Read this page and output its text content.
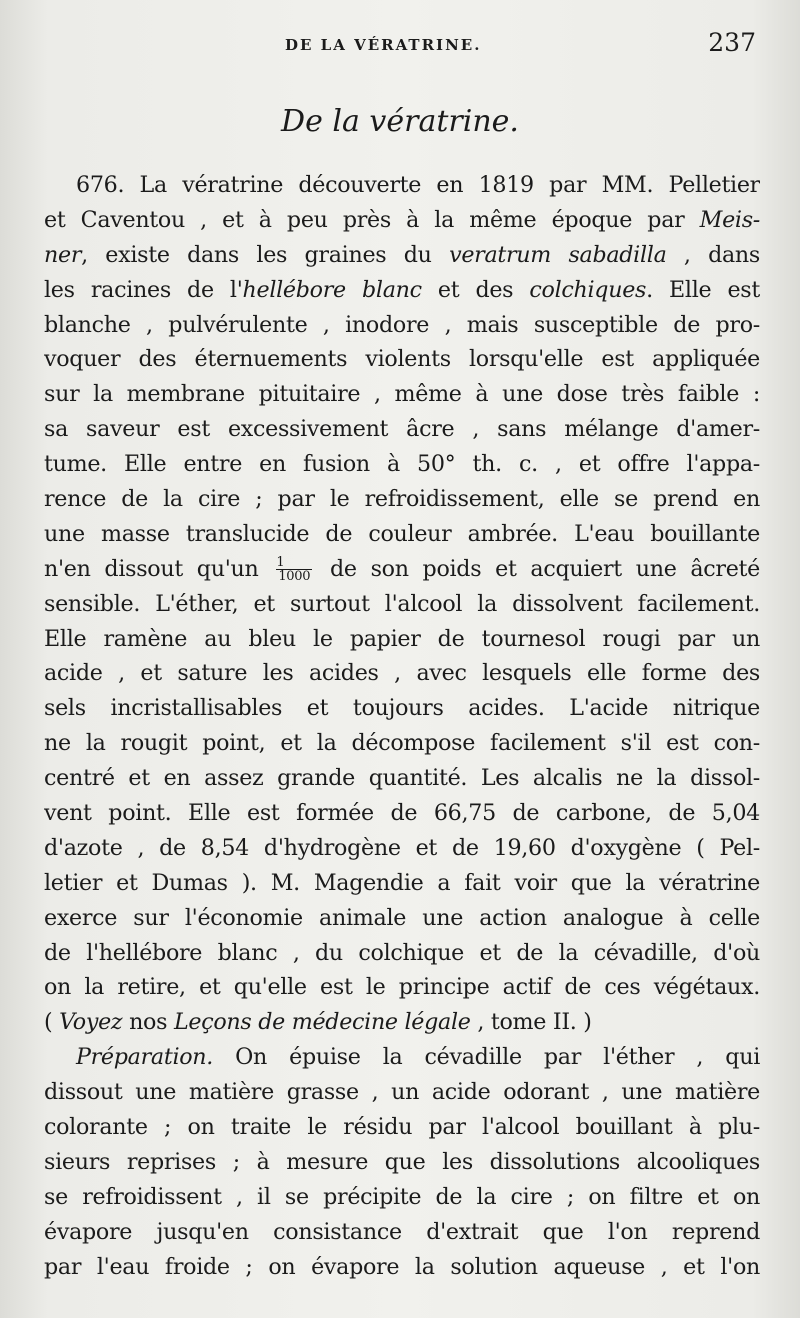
DE LA VÉRATRINE.	237
De la vératrine.
676. La vératrine découverte en 1819 par MM. Pelletier
et Caventou , et à peu près à la même époque par Meis-
ner, existe dans les graines du veratrum sabadilla , dans
les racines de l'hellébore blanc et des colchiques. Elle est
blanche , pulvérulente , inodore , mais susceptible de pro-
voquer des éternuements violents lorsqu'elle est appliquée
sur la membrane pituitaire , même à une dose très faible :
sa saveur est excessivement âcre , sans mélange d'amer-
tume. Elle entre en fusion à 50° th. c. , et offre l'appa-
rence de la cire ; par le refroidissement, elle se prend en
une masse translucide de couleur ambrée. L'eau bouillante
n'en dissout $qu'un \frac{1}{1000}$ de son poids et acquiert une âcreté
sensible. L'éther, et surtout l'alcool la dissolvent facilement.
Elle ramène au bleu le papier de tournesol rougi par un
acide , et sature les acides , avec lesquels elle forme des
sels incristallisables et toujours acides. L'acide nitrique
ne la rougit point, et la décompose facilement s'il est con-
centré et en assez grande quantité. Les alcalis ne la dissol-
vent point. Elle est formée de 66,75 de carbone, de 5,04
d'azote , de 8,54 d'hydrogène et de 19,60 d'oxygène ( Pel-
letier et Dumas ). M. Magendie a fait voir que la vératrine
exerce sur l'économie animale une action analogue à celle
de l'hellébore blanc , du colchique et de la cévadille, d'où
on la retire, et qu'elle est le principe actif de ces végétaux.
( Voyez nos Leçons de médecine légale , tome II. )
Préparation. On épuise la cévadille par l'éther , qui
dissout une matière grasse , un acide odorant , une matière
colorante ; on traite le résidu par l'alcool bouillant à plu-
sieurs reprises ; à mesure que les dissolutions alcooliques
se refroidissent , il se précipite de la cire ; on filtre et on
évapore jusqu'en consistance d'extrait que l'on reprend
par l'eau froide ; on évapore la solution aqueuse , et l'on
